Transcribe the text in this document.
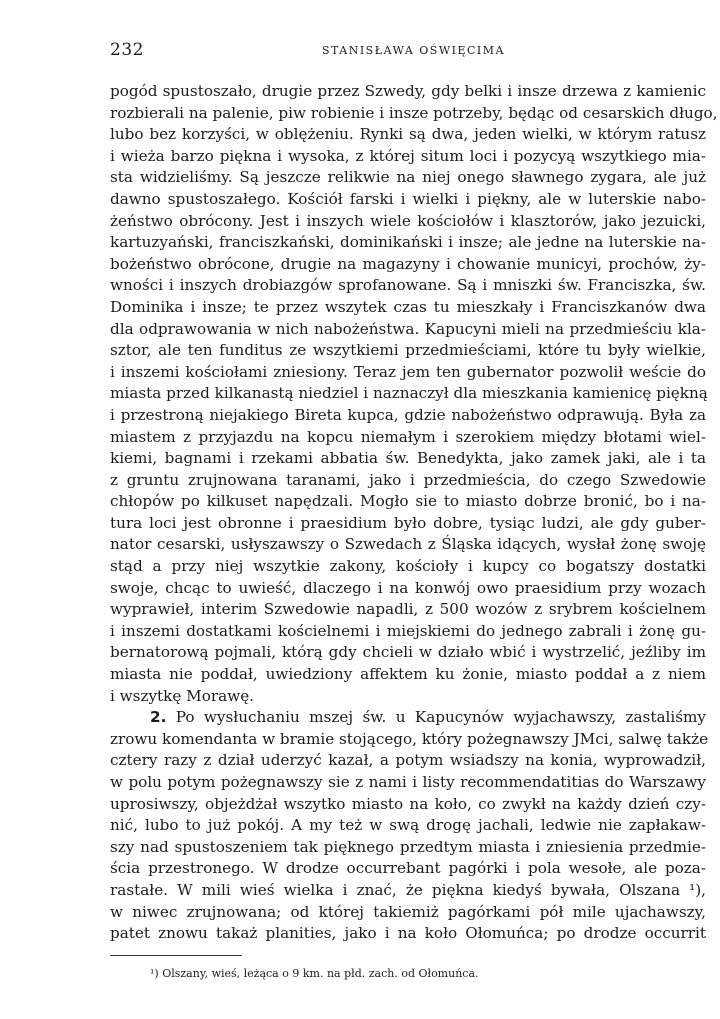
232	STANISŁAWA OŚWIĘCIMA
pogód spustoszało, drugie przez Szwedy, gdy belki i insze drzewa z kamienic
rozbierali na palenie, piw robienie i insze potrzeby, będąc od cesarskich długo,
lubo bez korzyści, w oblężeniu. Rynki są dwa, jeden wielki, w którym ratusz
i wieża barzo piękna i wysoka, z której situm loci i pozycyą wszytkiego mia-
sta widzieliśmy. Są jeszcze relikwie na niej onego sławnego zygara, ale już
dawno spustoszałego. Kościół farski i wielki i piękny, ale w luterskie nabo-
żeństwo obrócony. Jest i inszych wiele kościołów i klasztorów, jako jezuicki,
kartuzyański, franciszkański, dominikański i insze; ale jedne na luterskie na-
bożeństwo obrócone, drugie na magazyny i chowanie municyi, prochów, ży-
wności i inszych drobiazgów sprofanowane. Są i mniszki św. Franciszka, św.
Dominika i insze; te przez wszytek czas tu mieszkały i Franciszkanów dwa
dla odprawowania w nich nabożeństwa. Kapucyni mieli na przedmieściu kla-
sztor, ale ten funditus ze wszytkiemi przedmieściami, które tu były wielkie,
i inszemi kościołami zniesiony. Teraz jem ten gubernator pozwolił weście do
miasta przed kilkanastą niedziel i naznaczył dla mieszkania kamienicę piękną
i przestroną niejakiego Bireta kupca, gdzie nabożeństwo odprawują. Była za
miastem z przyjazdu na kopcu niemałym i szerokiem między błotami wiel-
kiemi, bagnami i rzekami abbatia św. Benedykta, jako zamek jaki, ale i ta
z gruntu zrujnowana taranami, jako i przedmieścia, do czego Szwedowie
chłopów po kilkuset napędzali. Mogło sie to miasto dobrze bronić, bo i na-
tura loci jest obronne i praesidium było dobre, tysiąc ludzi, ale gdy guber-
nator cesarski, usłyszawszy o Szwedach z Śląska idących, wysłał żonę swoję
stąd a przy niej wszytkie zakony, kościoły i kupcy co bogatszy dostatki
swoje, chcąc to uwieść, dlaczego i na konwój owo praesidium przy wozach
wyprawieł, interim Szwedowie napadli, z 500 wozów z srybrem kościelnem
i inszemi dostatkami kościelnemi i miejskiemi do jednego zabrali i żonę gu-
bernatorową pojmali, którą gdy chcieli w działo wbić i wystrzelić, jeźliby im
miasta nie poddał, uwiedziony affektem ku żonie, miasto poddał a z niem
i wszytkę Morawę.
2. Po wysłuchaniu mszej św. u Kapucynów wyjachawszy, zastaliśmy
zrowu komendanta w bramie stojącego, który pożegnawszy JMci, salwę także
cztery razy z dział uderzyć kazał, a potym wsiadszy na konia, wyprowadził,
w polu potym pożegnawszy sie z nami i listy recommendatitias do Warszawy
uprosiwszy, objeżdżał wszytko miasto na koło, co zwykł na każdy dzień czy-
nić, lubo to już pokój. A my też w swą drogę jachali, ledwie nie zapłakaw-
szy nad spustoszeniem tak pięknego przedtym miasta i zniesienia przedmie-
ścia przestronego. W drodze occurrebant pagórki i pola wesołe, ale poza-
rastałe. W mili wieś wielka i znać, że piękna kiedyś bywała, Olszana ¹),
w niwec zrujnowana; od której takiemiż pagórkami pół mile ujachawszy,
patet znowu takaż planities, jako i na koło Ołomuńca; po drodze occurrit
¹) Olszany, wieś, leżąca o 9 km. na płd. zach. od Ołomuńca.
